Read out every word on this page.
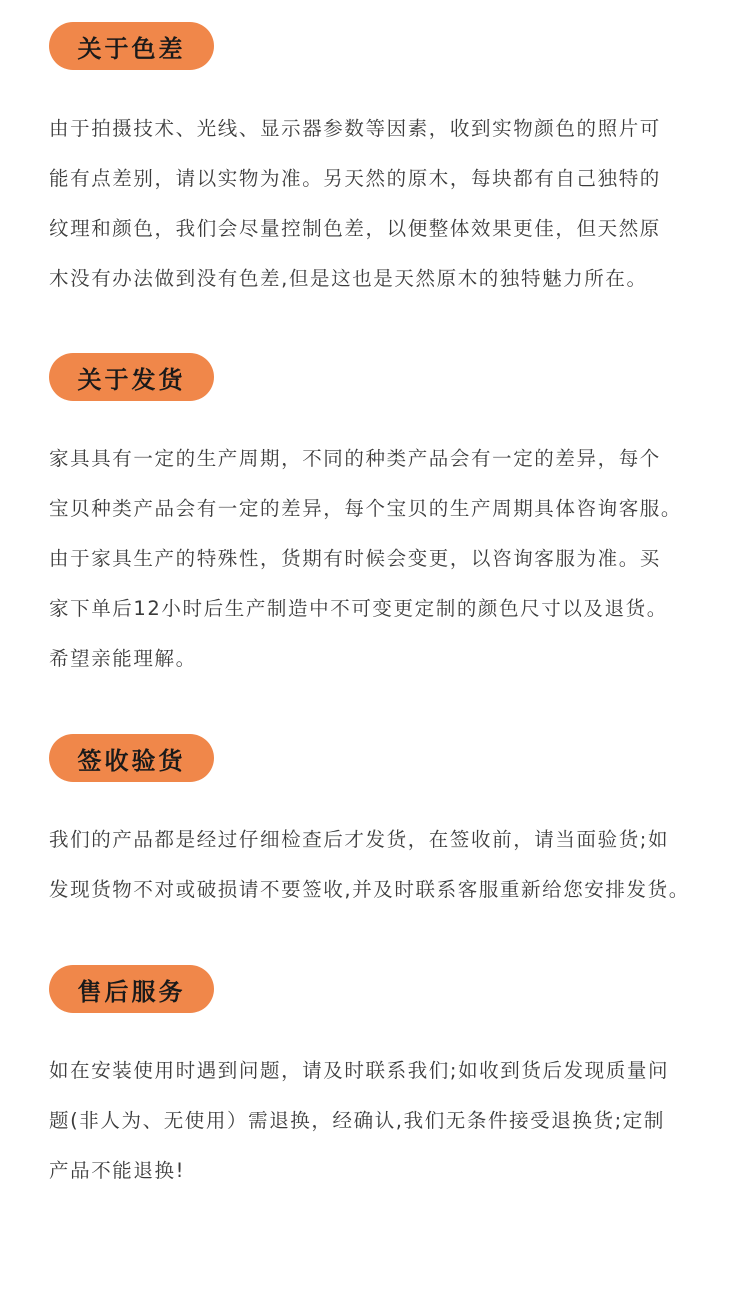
关于色差

由于拍摄技术、光线、显示器参数等因素，收到实物颜色的照片可
能有点差别，请以实物为准。另天然的原木，每块都有自己独特的
纹理和颜色，我们会尽量控制色差，以便整体效果更佳，但天然原
木没有办法做到没有色差,但是这也是天然原木的独特魅力所在。

关于发货

家具具有一定的生产周期，不同的种类产品会有一定的差异，每个
宝贝种类产品会有一定的差异，每个宝贝的生产周期具体咨询客服。
由于家具生产的特殊性，货期有时候会变更，以咨询客服为准。买
家下单后12小时后生产制造中不可变更定制的颜色尺寸以及退货。
希望亲能理解。

签收验货

我们的产品都是经过仔细检查后才发货，在签收前，请当面验货;如
发现货物不对或破损请不要签收,并及时联系客服重新给您安排发货。

售后服务

如在安装使用时遇到问题，请及时联系我们;如收到货后发现质量问
题(非人为、无使用）需退换，经确认,我们无条件接受退换货;定制
产品不能退换!
